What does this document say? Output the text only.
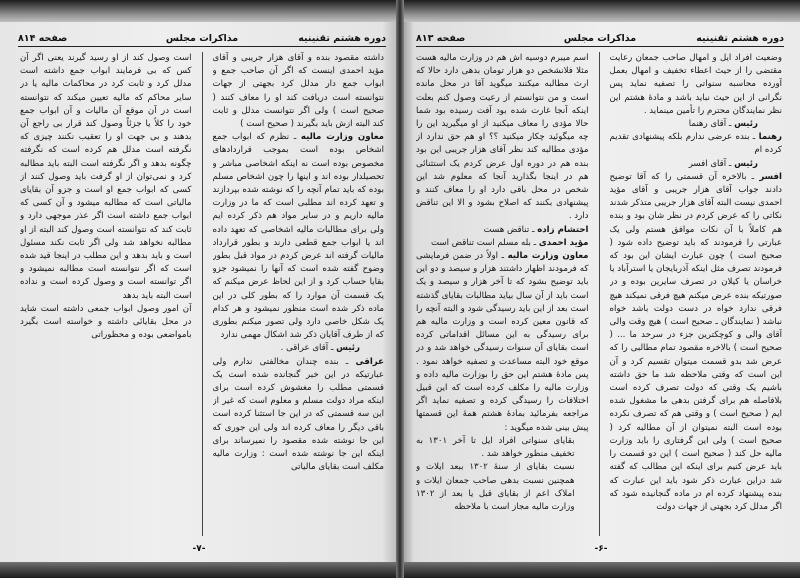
دوره هشتم تقنینیه
مذاکرات مجلس
صفحه ۸۱۴

است وصول کند از او رسید گیرند یعنی اگر آن کس که بی فرمایند ابواب جمع داشته است مدلل کرد و ثابت کرد در محاکمات مالیه یا در سایر محاکم که مالیه تعیین میکند که نتوانسته است در آن موقع آن مالیات و آن ابواب جمع خود را کلاً یا جزئاً وصول کند قرار بی راجع آن بدهند و بی جهت او را تعقیب نکنند چیزی که نگرفته است مدلل هم کرده است که نگرفته چگونه بدهد و اگر نگرفته است البته باید مطالبه کرد و نمی‌توان از او گرفت باید وصول کنند از کسی که ابواب جمع او است و جزو آن بقایای مالیاتی است که مطالبه میشود و آن کسی که ابواب جمع داشته است اگر عذر موجهی دارد و ثابت کند که نتوانسته است وصول کند البته از او مطالبه نخواهد شد ولی اگر ثابت نکند مسئول است و باید بدهد و این مطلب در اینجا قید شده است که اگر نتوانسته است مطالبه نمیشود و اگر توانسته است و وصول کرده است و نداده است البته باید بدهد

آن امور وصول ابواب جمعی داشته است شاید در محل بقایائی داشته و خواسته است بگیرد بامواضعی بوده و محظوراتی

داشته مقصود بنده و آقای هزار جریبی و آقای مؤید احمدی اینست که اگر آن صاحب جمع و ابواب جمع دار مدلل کرد بجهتی از جهات نتوانسته است دریافت کند او را معاف کنند ( صحیح است ) ولی اگر نتوانست مدلل و ثابت کند البته ازش باید بگیرند ( صحیح است )

معاون وزارت مالیه ـ نظرم که ابواب جمع اشخاص بوده است بموجب قراردادهای مخصوص بوده است نه اینکه اشخاصی مباشر و تحصیلدار بوده اند و اینها را چون اشخاص مسلم بوده که باید تمام آنچه را که نوشته شده بپردازند و تعهد کرده اند مطلبی است که ما در وزارت مالیه داریم و در سایر مواد هم ذکر کرده ایم ولی برای مطالبات مالیه اشخاصی که تعهد داده اند یا ابواب جمع قطعی دارند و بطور قرارداد مالیات گرفته اند عرض کردم در مواد قبل بطور وضوح گفته شده است که آنها را نمیشود جزو بقایا حساب کرد و از این لحاظ عرض میکنم که یک قسمت آن موارد را که بطور کلی در این ماده ذکر شده است منظور نمیشود و هر کدام یک شکل خاصی دارد ولی تصور میکنم بطوری که از طرف آقایان ذکر شد اشکال مهمی ندارد

رئیس ـ آقای عراقی .

عراقی ـ بنده چندان مخالفتی ندارم ولی عبارتیکه در این خبر گنجانده شده است یک قسمتی مطلب را مغشوش کرده است برای اینکه مراد دولت مسلم و معلوم است که غیر از این سه قسمتی که در این جا استثنا کرده است باقی دیگر را معاف کرده اند ولی این جوری که این جا نوشته شده مقصود را نمیرساند برای اینکه این جا نوشته شده است : وزارت مالیه مکلف است بقایای مالیاتی

-۷-
دوره هشتم تقنینیه
مذاکرات مجلس
صفحه ۸۱۳

اسم میبرم دوسیه اش هم در وزارت مالیه هست مثلا فلانشخص دو هزار تومان بدهی دارد حالا که ارث مطالبه میکنند میگوید آقا در محل مانده است و من نتوانستم از رعیت وصول کنم بعلت اینکه آنجا غارت شده بود آفت رسیده بود شما حالا مؤدی را معاف میکنید از او میگیرید این را چه میگوئید چکار میکنید ؟؟ او هم حق ندارد از مؤدی مطالبه کند نظر آقای هزار جریبی این بود بنده هم در دوره اول عرض کردم یک استثنائی هم در اینجا بگذارید آنجا که معلوم شد این شخص در محل باقی دارد او را معاف کنند و پیشنهادی بکنند که اصلاح بشود و الا این تناقض دارد .

احتشام زاده ـ تناقض هست

مؤید احمدی ـ بله مسلم است تناقض است

معاون وزارت مالیه ـ اولاً در ضمن فرمایشی که فرمودند اظهار داشتند هزار و سیصد و دو این باید توضیح بشود که تا آخر هزار و سیصد و یک است باید از آن سال بیاید مطالبات بقایای گذشته است بعد از این باید رسیدگی شود و البته آنچه را که قانون معین کرده است و وزارت مالیه هم برای رسیدگی به این مسائل اقداماتی کرده است بقایای آن سنوات رسیدگی خواهد شد و در موقع خود البته مساعدت و تصفیه خواهد نمود . پس مادهٔ هشتم این حق را بوزارت مالیه داده و وزارت مالیه را مکلف کرده است که این قبیل اختلافات را رسیدگی کرده و تصفیه نماید اگر مراجعه بفرمائید بمادهٔ هشتم همهٔ این قسمتها پیش بینی شده میگوید :

بقایای سنواتی افراد ایل تا آخر ۱۳۰۱ به تخفیف منظور خواهد شد .

نسبت بقایای از سنهٔ ۱۳۰۲ ببعد ایلات و همچنین نسبت بدهی صاحب جمعان ایلات و املاک اعم از بقایای قبل یا بعد از ۱۳۰۲ وزارت مالیه مجاز است با ملاحظه

وضعیت افراد ایل و امهال صاحب جمعان رعایت مقتضی را از حیث اعطاء تخفیف و امهال بعمل آورده محاسبه سنواتی را تصفیه نماید پس نگرانی از این حیث نباید باشد و مادهٔ هشتم این نظر نمایندگان محترم را تأمین مینماید .

رئیس ـ آقای رهنما

رهنما ـ بنده عرضی ندارم بلکه پیشنهادی تقدیم کرده ام

رئیس ـ آقای افسر

افسر ـ بالاخره آن قسمتی را که آقا توضیح دادند جواب آقای هزار جریبی و آقای مؤید احمدی نیست البته آقای هزار جریبی متذکر شدند نکاتی را که عرض کردم در نظر شان بود و بنده هم کاملاً با آن نکات موافق هستم ولی یک عبارتی را فرمودند که باید توضیح داده شود ( صحیح است ) چون عبارت ایشان این بود که فرمودند تصرف مثل اینکه آذربایجان یا استرآباد یا خراسان یا کیلان در تصرف سایرین بوده و در صورتیکه بنده عرض میکنم هیچ فرقی نمیکند هیچ فرقی ندارد خواه در دست دولت باشد خواه نباشد ( نمایندگان ـ صحیح است ) هیچ وقت والی آقای والی و کوچکترین جزء در سرحد ما ... ( صحیح است ) بالاخره مقصود تمام مطالبی را که عرض شد بدو قسمت میتوان تقسیم کرد و آن این است که وقتی ملاحظه شد ما حق داشته باشیم یک وقتی که دولت تصرف کرده است بلافاصله هم برای گرفتن بدهی ما مشغول شده ایم ( صحیح است ) و وقتی هم که تصرف نکرده بوده است البته نمیتوان از آن مطالبه کرد ( صحیح است ) ولی این گرفتاری را باید وزارت مالیه حل کند ( صحیح است ) این دو قسمت را باید عرض کنیم برای اینکه این مطالب که گفته شد دراین عبارت ذکر شود باید این عبارت که بنده پیشنهاد کرده ام در ماده گنجانیده شود که اگر مدلل کرد بجهتی از جهات دولت

-۶-
